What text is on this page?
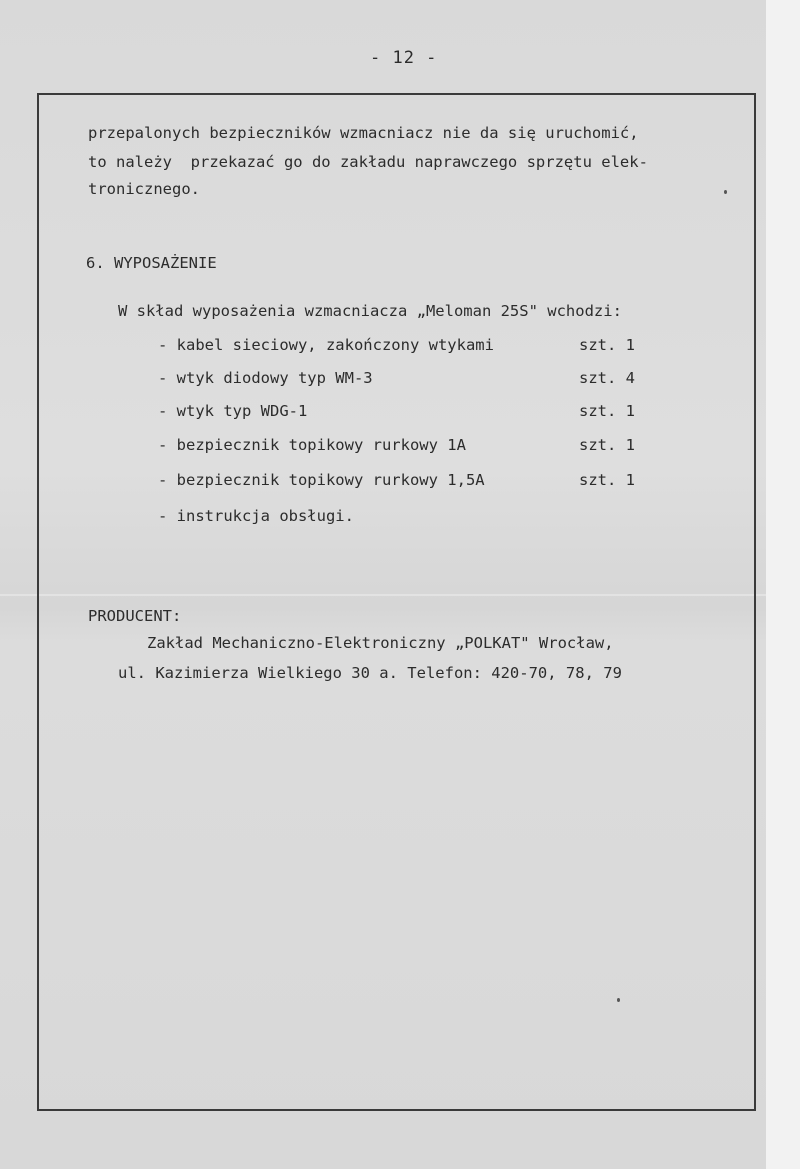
- 12 -
przepalonych bezpieczników wzmacniacz nie da się uruchomić,
to należy  przekazać go do zakładu naprawczego sprzętu elek-
tronicznego.
6. WYPOSAŻENIE
W skład wyposażenia wzmacniacza „Meloman 25S" wchodzi:
- kabel sieciowy, zakończony wtykami	szt. 1
- wtyk diodowy typ WM-3	szt. 4
- wtyk typ WDG-1	szt. 1
- bezpiecznik topikowy rurkowy 1A	szt. 1
- bezpiecznik topikowy rurkowy 1,5A	szt. 1
- instrukcja obsługi.
PRODUCENT:
Zakład Mechaniczno-Elektroniczny „POLKAT" Wrocław,
ul. Kazimierza Wielkiego 30 a. Telefon: 420-70, 78, 79
